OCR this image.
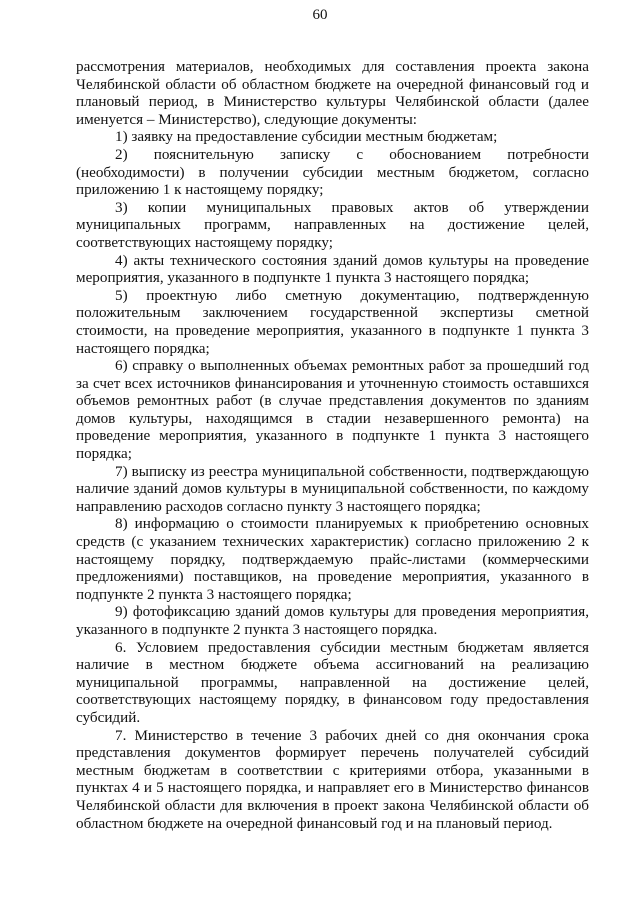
60

рассмотрения материалов, необходимых для составления проекта закона Челябинской области об областном бюджете на очередной финансовый год и плановый период, в Министерство культуры Челябинской области (далее именуется – Министерство), следующие документы:

1) заявку на предоставление субсидии местным бюджетам;

2) пояснительную записку с обоснованием потребности (необходимости) в получении субсидии местным бюджетом, согласно приложению 1 к настоящему порядку;

3) копии муниципальных правовых актов об утверждении муниципальных программ, направленных на достижение целей, соответствующих настоящему порядку;

4) акты технического состояния зданий домов культуры на проведение мероприятия, указанного в подпункте 1 пункта 3 настоящего порядка;

5) проектную либо сметную документацию, подтвержденную положительным заключением государственной экспертизы сметной стоимости, на проведение мероприятия, указанного в подпункте 1 пункта 3 настоящего порядка;

6) справку о выполненных объемах ремонтных работ за прошедший год за счет всех источников финансирования и уточненную стоимость оставшихся объемов ремонтных работ (в случае представления документов по зданиям домов культуры, находящимся в стадии незавершенного ремонта) на проведение мероприятия, указанного в подпункте 1 пункта 3 настоящего порядка;

7) выписку из реестра муниципальной собственности, подтверждающую наличие зданий домов культуры в муниципальной собственности, по каждому направлению расходов согласно пункту 3 настоящего порядка;

8) информацию о стоимости планируемых к приобретению основных средств (с указанием технических характеристик) согласно приложению 2 к настоящему порядку, подтверждаемую прайс-листами (коммерческими предложениями) поставщиков, на проведение мероприятия, указанного в подпункте 2 пункта 3 настоящего порядка;

9) фотофиксацию зданий домов культуры для проведения мероприятия, указанного в подпункте 2 пункта 3 настоящего порядка.

6. Условием предоставления субсидии местным бюджетам является наличие в местном бюджете объема ассигнований на реализацию муниципальной программы, направленной на достижение целей, соответствующих настоящему порядку, в финансовом году предоставления субсидий.

7. Министерство в течение 3 рабочих дней со дня окончания срока представления документов формирует перечень получателей субсидий местным бюджетам в соответствии с критериями отбора, указанными в пунктах 4 и 5 настоящего порядка, и направляет его в Министерство финансов Челябинской области для включения в проект закона Челябинской области об областном бюджете на очередной финансовый год и на плановый период.
